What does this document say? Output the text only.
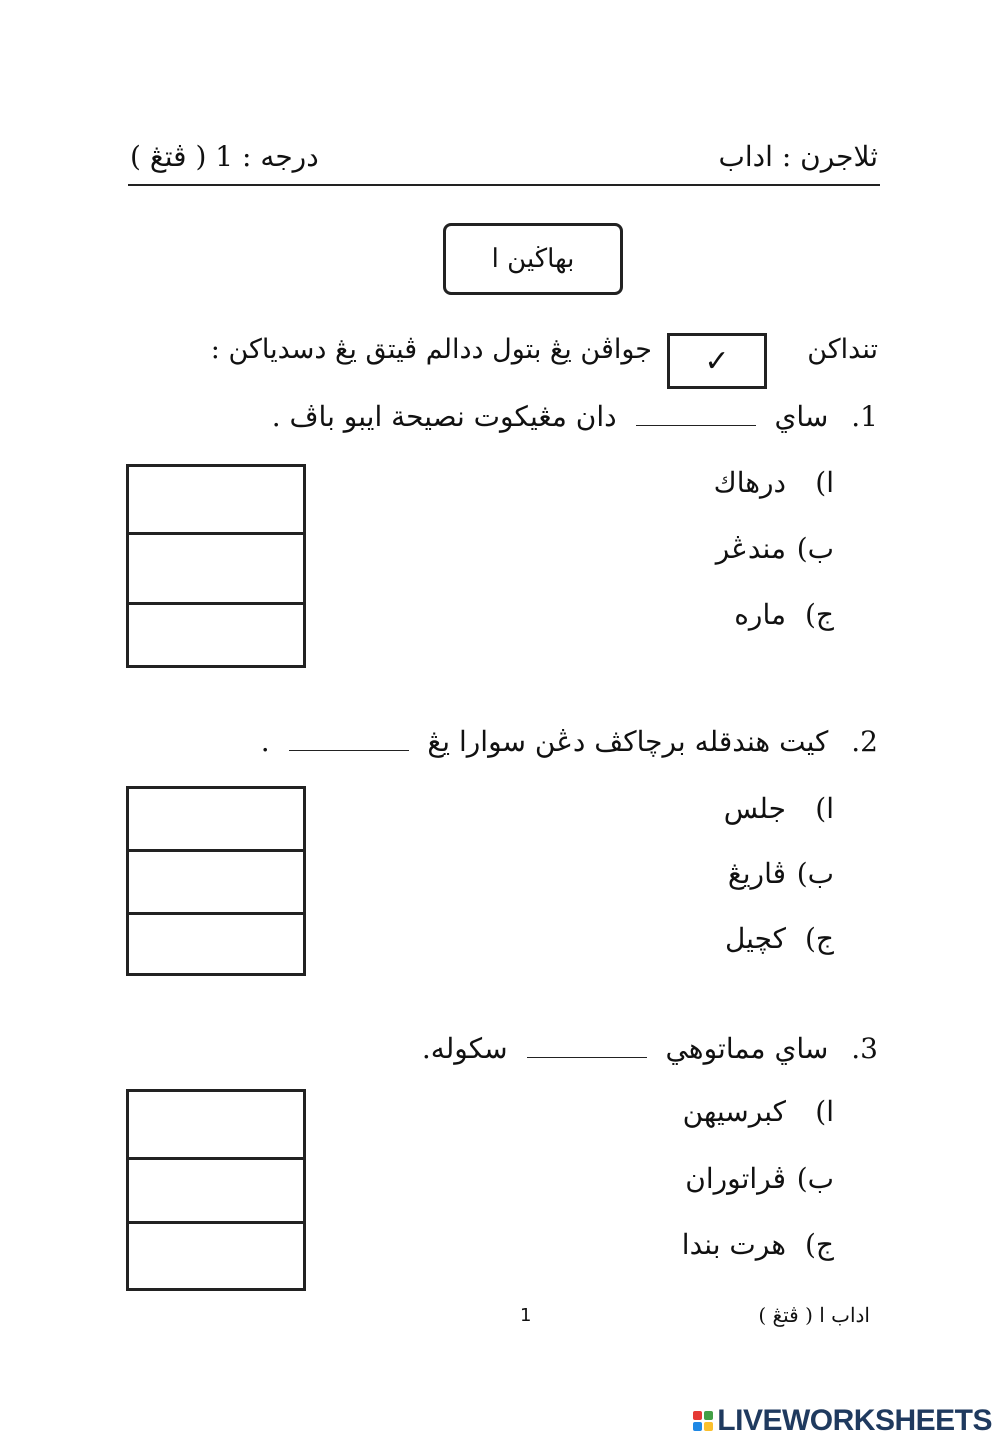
ثلاجرن : اداب
درجه : 1 ( ڤتڠ )
بهاڬين ا
تنداكن
✓
جواڤن يڠ بتول ددالم ڤيتق يڠ دسدياكن :
1. ساي  دان مڠيكوت نصيحة ايبو باڤ .
ا)درهاك
ب)مندڠر
ج)ماره
2. كيت هندقله برچاكڤ دڠن سوارا يڠ  .
ا)جلس
ب)ڤاريڠ
ج)كچيل
3. ساي مماتوهي  سكوله.
ا)كبرسيهن
ب)ڤراتوران
ج)هرت بندا
1	اداب ا ( ڤتڠ )
LIVEWORKSHEETS
